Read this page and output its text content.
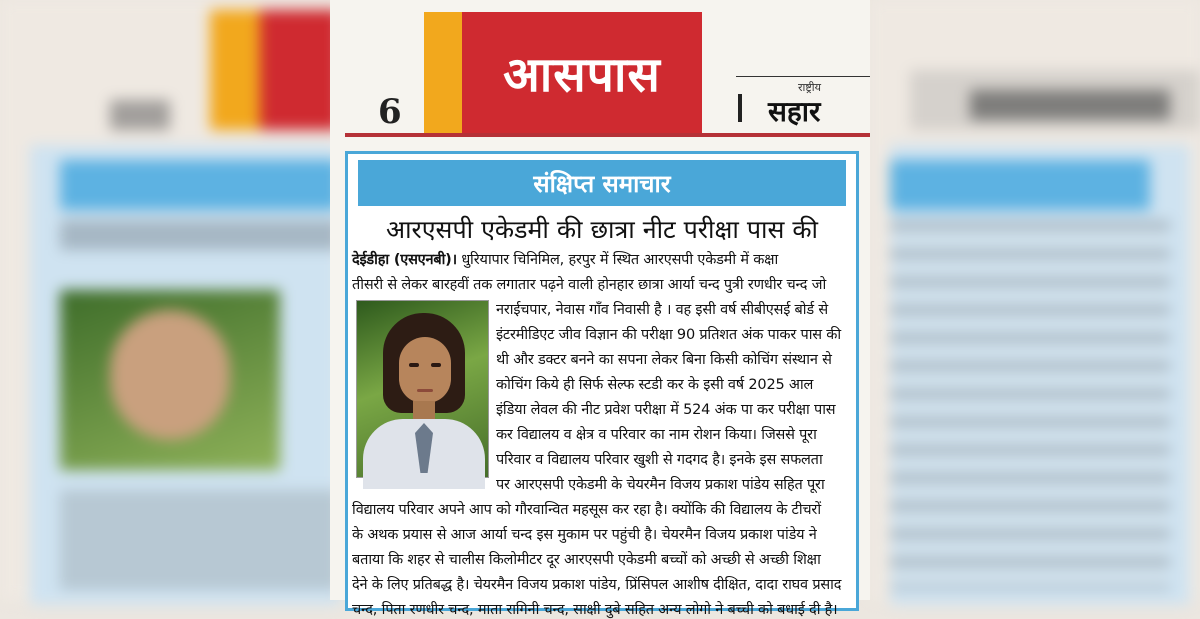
6
आसपास	राष्ट्रीय
सहार
संक्षिप्त समाचार
आरएसपी एकेडमी की छात्रा नीट परीक्षा पास की
देईडीहा (एसएनबी)। धुरियापार चिनिमिल, हरपुर में स्थित आरएसपी एकेडमी में कक्षा
तीसरी से लेकर बारहवीं तक लगातार पढ़ने वाली होनहार छात्रा आर्या चन्द पुत्री रणधीर चन्द जो
नराईचपार, नेवास गाँव निवासी है । वह इसी वर्ष सीबीएसई बोर्ड से
इंटरमीडिएट जीव विज्ञान की परीक्षा 90 प्रतिशत अंक पाकर पास की
थी और डक्टर बनने का सपना लेकर बिना किसी कोचिंग संस्थान से
कोचिंग किये ही सिर्फ सेल्फ स्टडी कर के इसी वर्ष 2025 आल
इंडिया लेवल की नीट प्रवेश परीक्षा में 524 अंक पा कर परीक्षा पास
कर विद्यालय व क्षेत्र व परिवार का नाम रोशन किया। जिससे पूरा
परिवार व विद्यालय परिवार खुशी से गदगद है। इनके इस सफलता
पर आरएसपी एकेडमी के चेयरमैन विजय प्रकाश पांडेय सहित पूरा
विद्यालय परिवार अपने आप को गौरवान्वित महसूस कर रहा है। क्योंकि की विद्यालय के टीचरों
के अथक प्रयास से आज आर्या चन्द इस मुकाम पर पहुंची है। चेयरमैन विजय प्रकाश पांडेय ने
बताया कि शहर से चालीस किलोमीटर दूर आरएसपी एकेडमी बच्चों को अच्छी से अच्छी शिक्षा
देने के लिए प्रतिबद्ध है। चेयरमैन विजय प्रकाश पांडेय, प्रिंसिपल आशीष दीक्षित, दादा राघव प्रसाद
चन्द, पिता रणधीर चन्द, माता रागिनी चन्द, साक्षी दुबे सहित अन्य लोगो ने बच्ची को बधाई दी है।
